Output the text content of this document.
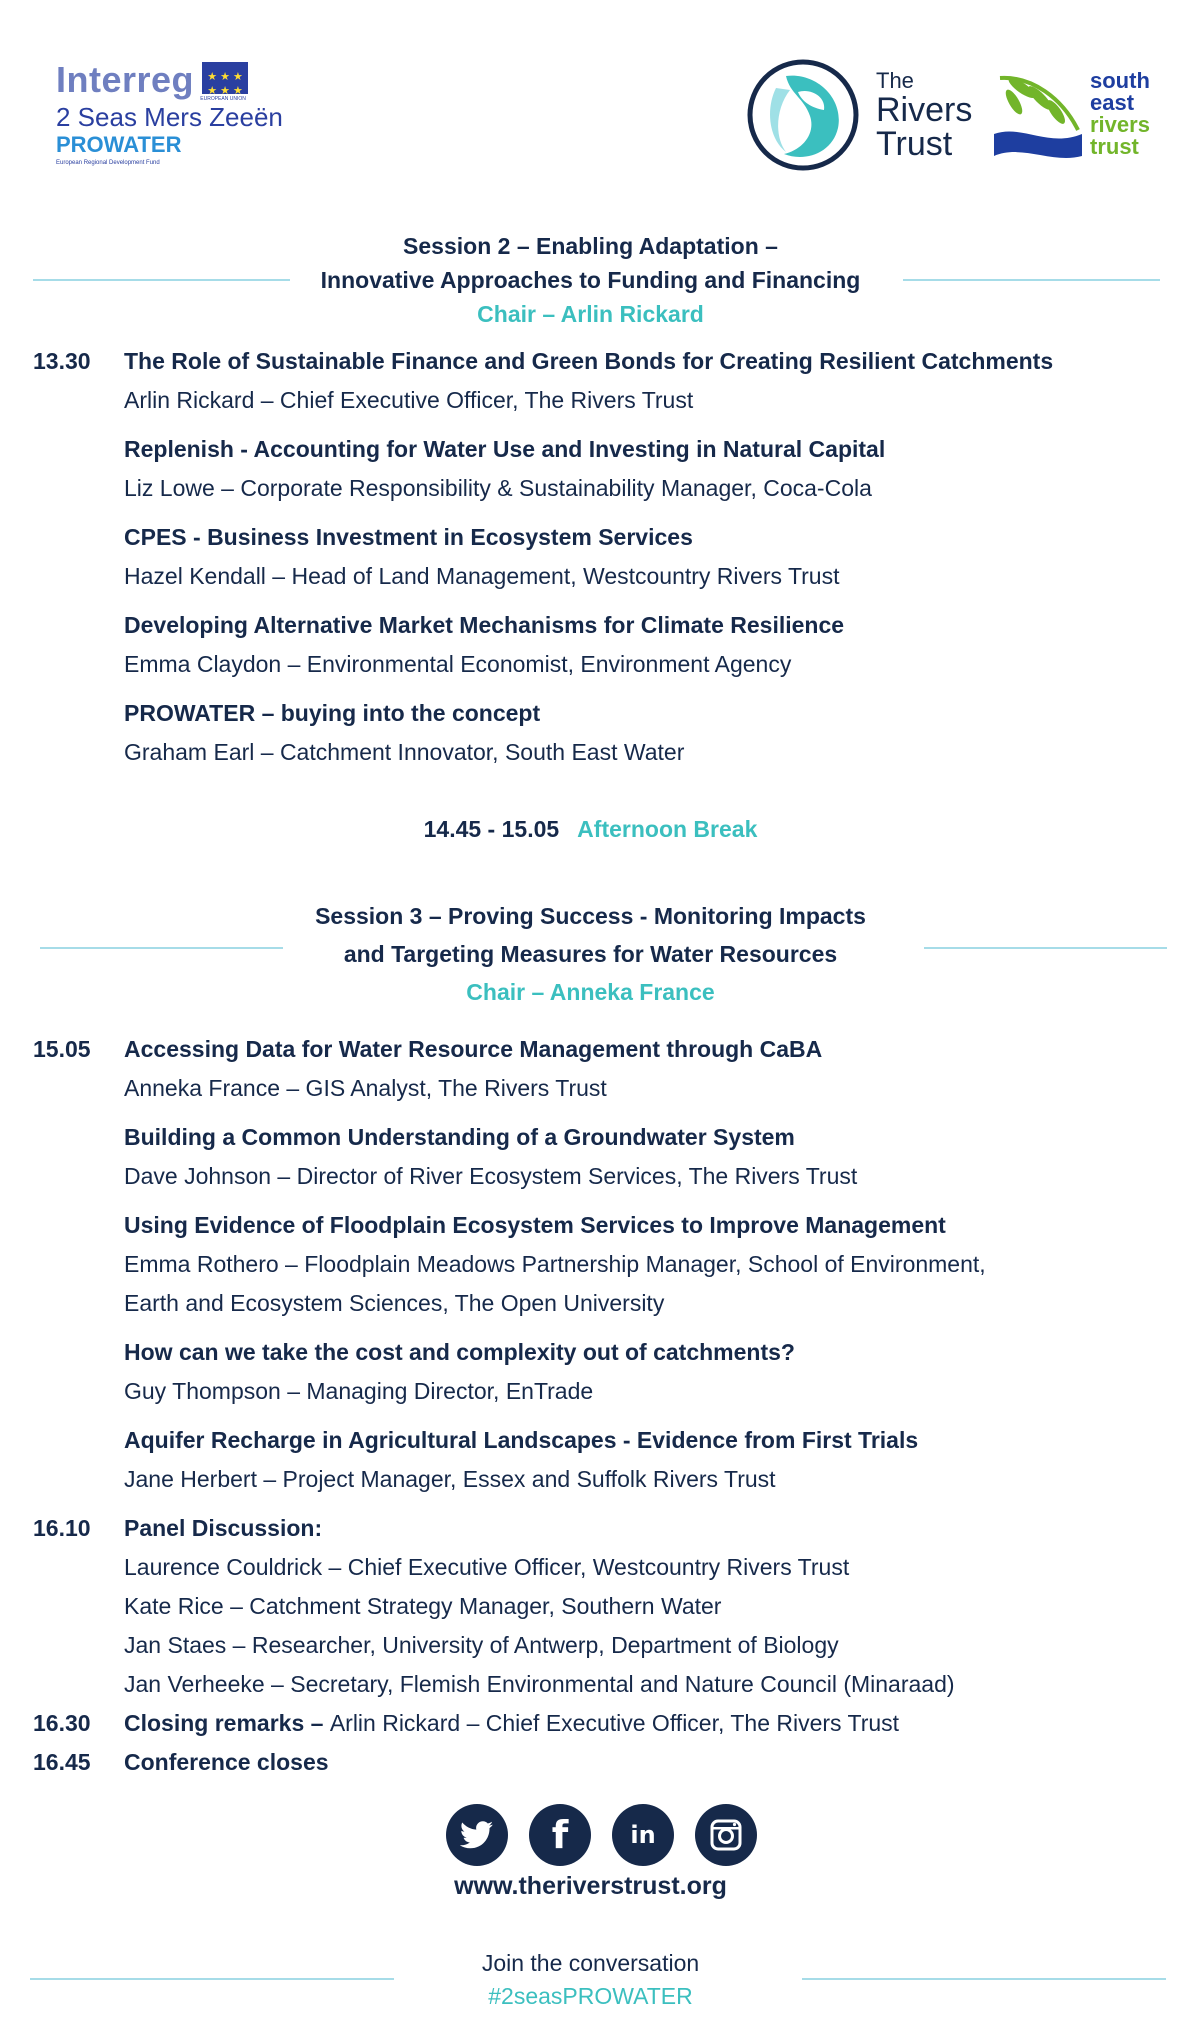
Interreg	★ ★ ★
★ ★ ★
EUROPEAN UNION
2 Seas Mers Zeeën
PROWATER
European Regional Development Fund
The
Rivers
Trust
south
east
rivers
trust
Session 2 – Enabling Adaptation –
Innovative Approaches to Funding and Financing
Chair – Arlin Rickard
13.30 The Role of Sustainable Finance and Green Bonds for Creating Resilient Catchments
Arlin Rickard – Chief Executive Officer, The Rivers Trust
Replenish - Accounting for Water Use and Investing in Natural Capital
Liz Lowe – Corporate Responsibility & Sustainability Manager, Coca-Cola
CPES - Business Investment in Ecosystem Services
Hazel Kendall – Head of Land Management, Westcountry Rivers Trust
Developing Alternative Market Mechanisms for Climate Resilience
Emma Claydon – Environmental Economist, Environment Agency
PROWATER – buying into the concept
Graham Earl – Catchment Innovator, South East Water
14.45 - 15.05 Afternoon Break
Session 3 – Proving Success - Monitoring Impacts
and Targeting Measures for Water Resources
Chair – Anneka France
15.05 Accessing Data for Water Resource Management through CaBA
Anneka France – GIS Analyst, The Rivers Trust
Building a Common Understanding of a Groundwater System
Dave Johnson – Director of River Ecosystem Services, The Rivers Trust
Using Evidence of Floodplain Ecosystem Services to Improve Management
Emma Rothero – Floodplain Meadows Partnership Manager, School of Environment,
Earth and Ecosystem Sciences, The Open University
How can we take the cost and complexity out of catchments?
Guy Thompson – Managing Director, EnTrade
Aquifer Recharge in Agricultural Landscapes - Evidence from First Trials
Jane Herbert – Project Manager, Essex and Suffolk Rivers Trust
16.10 Panel Discussion:
Laurence Couldrick – Chief Executive Officer, Westcountry Rivers Trust
Kate Rice – Catchment Strategy Manager, Southern Water
Jan Staes – Researcher, University of Antwerp, Department of Biology
Jan Verheeke – Secretary, Flemish Environmental and Nature Council (Minaraad)
16.30 Closing remarks – Arlin Rickard – Chief Executive Officer, The Rivers Trust
16.45 Conference closes
f	in
www.theriverstrust.org
Join the conversation
#2seasPROWATER
